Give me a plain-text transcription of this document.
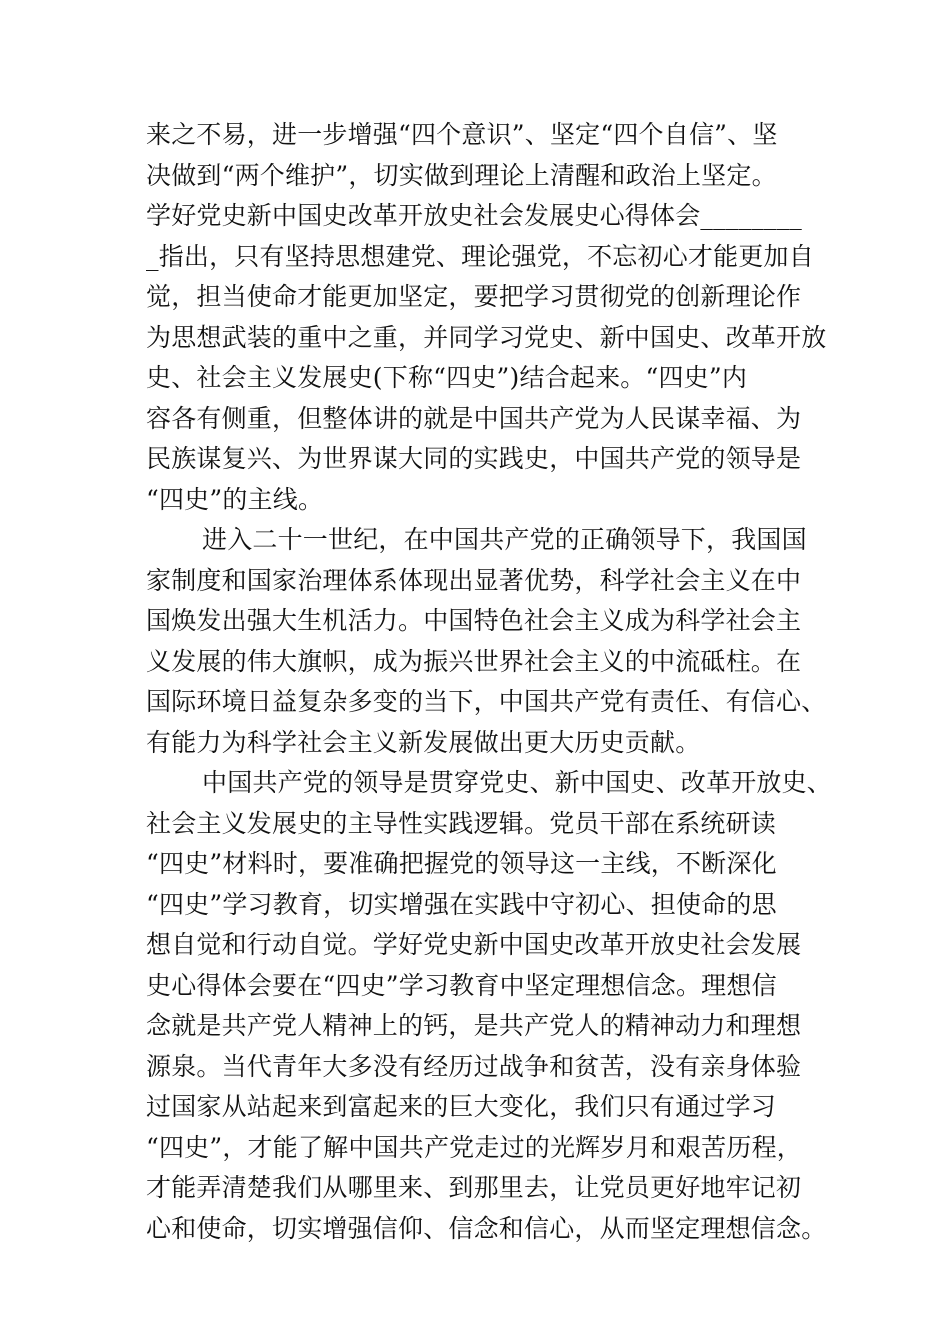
来之不易，进一步增强“四个意识”、坚定“四个自信”、坚
决做到“两个维护”，切实做到理论上清醒和政治上坚定。
学好党史新中国史改革开放史社会发展史心得体会________
_指出，只有坚持思想建党、理论强党，不忘初心才能更加自
觉，担当使命才能更加坚定，要把学习贯彻党的创新理论作
为思想武装的重中之重，并同学习党史、新中国史、改革开放
史、社会主义发展史(下称“四史”)结合起来。“四史”内
容各有侧重，但整体讲的就是中国共产党为人民谋幸福、为
民族谋复兴、为世界谋大同的实践史，中国共产党的领导是
“四史”的主线。
进入二十一世纪，在中国共产党的正确领导下，我国国
家制度和国家治理体系体现出显著优势，科学社会主义在中
国焕发出强大生机活力。中国特色社会主义成为科学社会主
义发展的伟大旗帜，成为振兴世界社会主义的中流砥柱。在
国际环境日益复杂多变的当下，中国共产党有责任、有信心、
有能力为科学社会主义新发展做出更大历史贡献。
中国共产党的领导是贯穿党史、新中国史、改革开放史、
社会主义发展史的主导性实践逻辑。党员干部在系统研读
“四史”材料时，要准确把握党的领导这一主线，不断深化
“四史”学习教育，切实增强在实践中守初心、担使命的思
想自觉和行动自觉。学好党史新中国史改革开放史社会发展
史心得体会要在“四史”学习教育中坚定理想信念。理想信
念就是共产党人精神上的钙，是共产党人的精神动力和理想
源泉。当代青年大多没有经历过战争和贫苦，没有亲身体验
过国家从站起来到富起来的巨大变化，我们只有通过学习
“四史”，才能了解中国共产党走过的光辉岁月和艰苦历程，
才能弄清楚我们从哪里来、到那里去，让党员更好地牢记初
心和使命，切实增强信仰、信念和信心，从而坚定理想信念。
